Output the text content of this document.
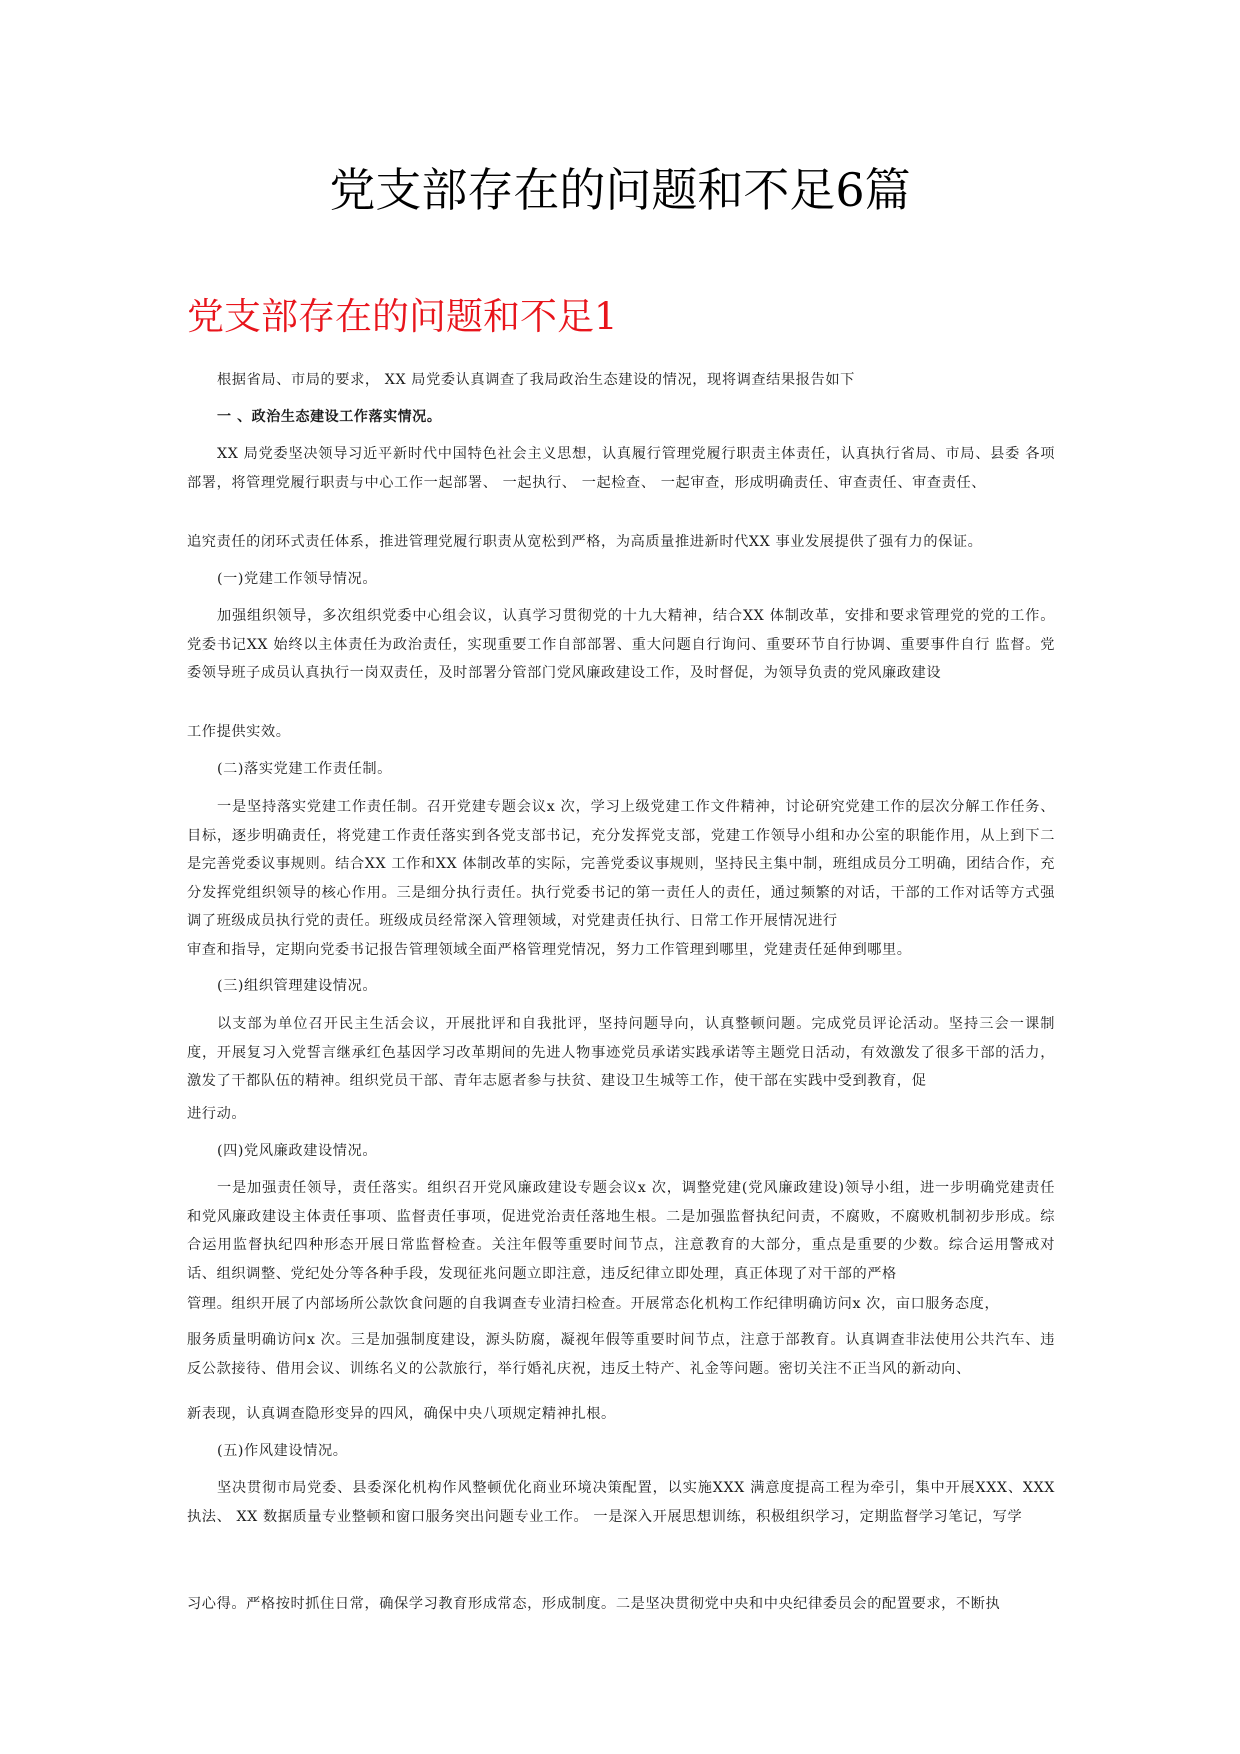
党支部存在的问题和不足6篇
党支部存在的问题和不足1

根据省局、市局的要求， XX 局党委认真调查了我局政治生态建设的情况，现将调查结果报告如下

一 、政治生态建设工作落实情况。

XX 局党委坚决领导习近平新时代中国特色社会主义思想，认真履行管理党履行职责主体责任，认真执行省局、市局、县委 各项部署，将管理党履行职责与中心工作一起部署、 一起执行、 一起检查、 一起审查，形成明确责任、审查责任、审查责任、

追究责任的闭环式责任体系，推进管理党履行职责从宽松到严格，为高质量推进新时代XX 事业发展提供了强有力的保证。

(一)党建工作领导情况。

加强组织领导，多次组织党委中心组会议，认真学习贯彻党的十九大精神，结合XX 体制改革，安排和要求管理党的党的工作。党委书记XX 始终以主体责任为政治责任，实现重要工作自部部署、重大问题自行询问、重要环节自行协调、重要事件自行 监督。党委领导班子成员认真执行一岗双责任，及时部署分管部门党风廉政建设工作，及时督促，为领导负责的党风廉政建设

工作提供实效。

(二)落实党建工作责任制。

一是坚持落实党建工作责任制。召开党建专题会议x 次，学习上级党建工作文件精神，讨论研究党建工作的层次分解工作任务、目标，逐步明确责任，将党建工作责任落实到各党支部书记，充分发挥党支部，党建工作领导小组和办公室的职能作用，从上到下二是完善党委议事规则。结合XX 工作和XX 体制改革的实际，完善党委议事规则，坚持民主集中制，班组成员分工明确，团结合作，充分发挥党组织领导的核心作用。三是细分执行责任。执行党委书记的第一责任人的责任，通过频繁的对话，干部的工作对话等方式强调了班级成员执行党的责任。班级成员经常深入管理领域，对党建责任执行、日常工作开展情况进行

审查和指导，定期向党委书记报告管理领域全面严格管理党情况，努力工作管理到哪里，党建责任延伸到哪里。

(三)组织管理建设情况。

以支部为单位召开民主生活会议，开展批评和自我批评，坚持问题导向，认真整顿问题。完成党员评论活动。坚持三会一课制度，开展复习入党誓言继承红色基因学习改革期间的先进人物事迹党员承诺实践承诺等主题党日活动，有效激发了很多干部的活力，激发了干都队伍的精神。组织党员干部、青年志愿者参与扶贫、建设卫生城等工作，使干部在实践中受到教育，促

进行动。

(四)党风廉政建设情况。

一是加强责任领导，责任落实。组织召开党风廉政建设专题会议x 次，调整党建(党风廉政建设)领导小组，进一步明确党建责任和党风廉政建设主体责任事项、监督责任事项，促进党治责任落地生根。二是加强监督执纪问责，不腐败，不腐败机制初步形成。综合运用监督执纪四种形态开展日常监督检查。关注年假等重要时间节点，注意教育的大部分，重点是重要的少数。综合运用警戒对话、组织调整、党纪处分等各种手段，发现征兆问题立即注意，违反纪律立即处理，真正体现了对干部的严格

管理。组织开展了内部场所公款饮食问题的自我调查专业清扫检查。开展常态化机构工作纪律明确访问x 次，亩口服务态度，

服务质量明确访问x 次。三是加强制度建设，源头防腐，凝视年假等重要时间节点，注意于部教育。认真调查非法使用公共汽车、违反公款接待、借用会议、训练名义的公款旅行，举行婚礼庆祝，违反土特产、礼金等问题。密切关注不正当风的新动向、

新表现，认真调查隐形变异的四风，确保中央八项规定精神扎根。

(五)作风建设情况。

坚决贯彻市局党委、县委深化机构作风整顿优化商业环境决策配置，以实施XXX 满意度提高工程为牵引，集中开展XXX、XXX 执法、 XX 数据质量专业整顿和窗口服务突出问题专业工作。 一是深入开展思想训练，积极组织学习，定期监督学习笔记，写学

习心得。严格按时抓住日常，确保学习教育形成常态，形成制度。二是坚决贯彻党中央和中央纪律委员会的配置要求，不断执
